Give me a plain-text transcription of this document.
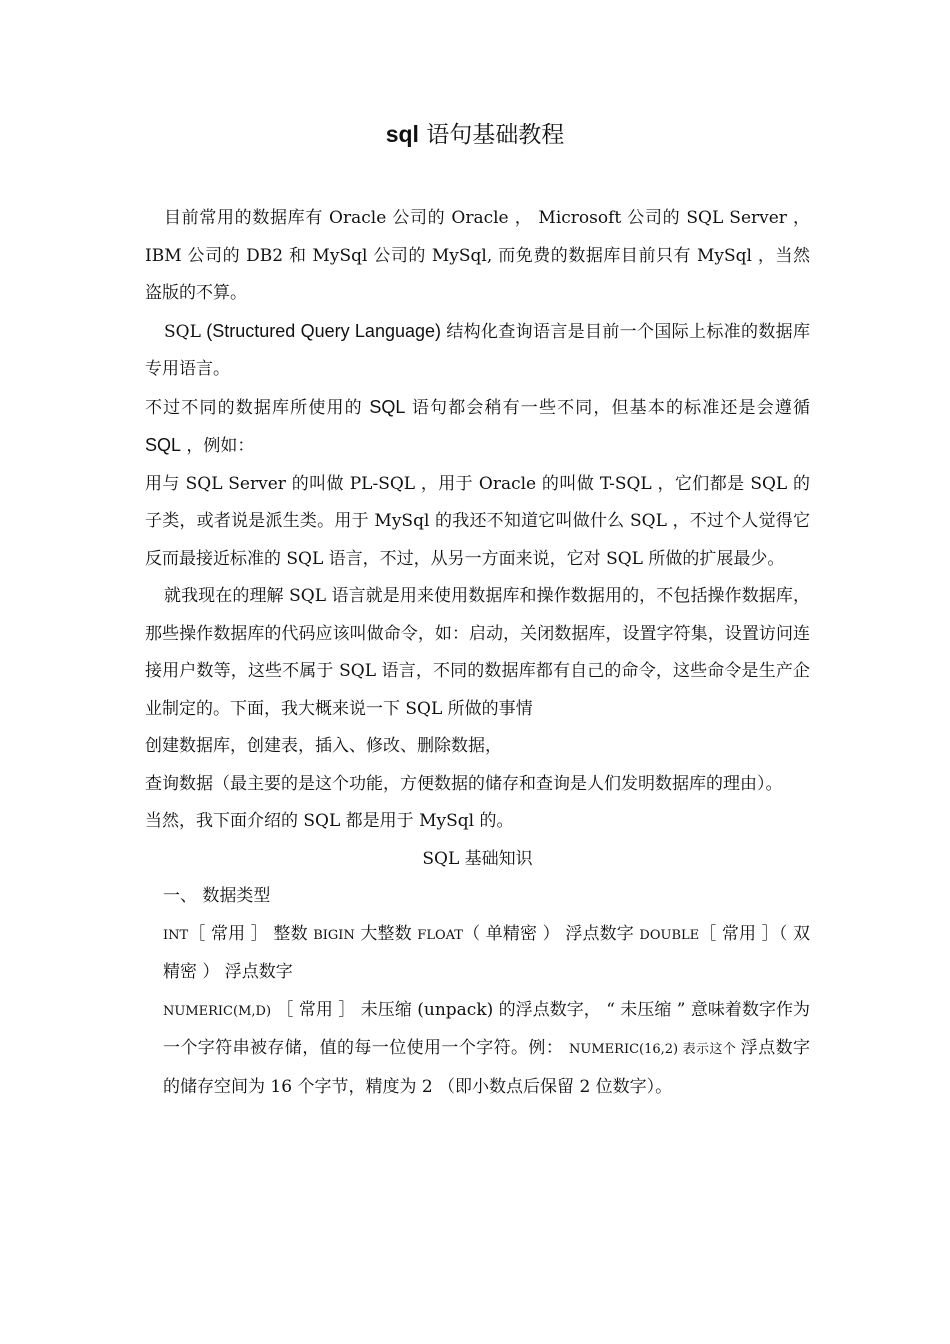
sql 语句基础教程

目前常用的数据库有 Oracle 公司的 Oracle ， Microsoft 公司的 SQL Server ， IBM 公司的 DB2 和 MySql 公司的 MySql, 而免费的数据库目前只有 MySql ，当然盗版的不算。

SQL (Structured Query Language) 结构化查询语言是目前一个国际上标准的数据库专用语言。

不过不同的数据库所使用的 SQL 语句都会稍有一些不同，但基本的标准还是会遵循 SQL ，例如：

用与 SQL Server 的叫做 PL-SQL ，用于 Oracle 的叫做 T-SQL ，它们都是 SQL 的子类，或者说是派生类。用于 MySql 的我还不知道它叫做什么 SQL ，不过个人觉得它反而最接近标准的 SQL 语言，不过，从另一方面来说，它对 SQL 所做的扩展最少。

就我现在的理解 SQL 语言就是用来使用数据库和操作数据用的，不包括操作数据库，那些操作数据库的代码应该叫做命令，如：启动，关闭数据库，设置字符集，设置访问连接用户数等，这些不属于 SQL 语言，不同的数据库都有自己的命令，这些命令是生产企业制定的。下面，我大概来说一下 SQL 所做的事情

创建数据库，创建表，插入、修改、删除数据，

查询数据（最主要的是这个功能，方便数据的储存和查询是人们发明数据库的理由）。

当然，我下面介绍的 SQL 都是用于 MySql 的。

SQL 基础知识

一、 数据类型

INT［ 常用 ］ 整数 BIGIN 大整数 FLOAT（ 单精密 ） 浮点数字 DOUBLE［ 常用 ］（ 双精密 ） 浮点数字

NUMERIC(M,D) ［ 常用 ］ 未压缩 (unpack) 的浮点数字， “ 未压缩 ” 意味着数字作为一个字符串被存储，值的每一位使用一个字符。例： NUMERIC(16,2) 表示这个 浮点数字的储存空间为 16 个字节，精度为 2 （即小数点后保留 2 位数字）。
